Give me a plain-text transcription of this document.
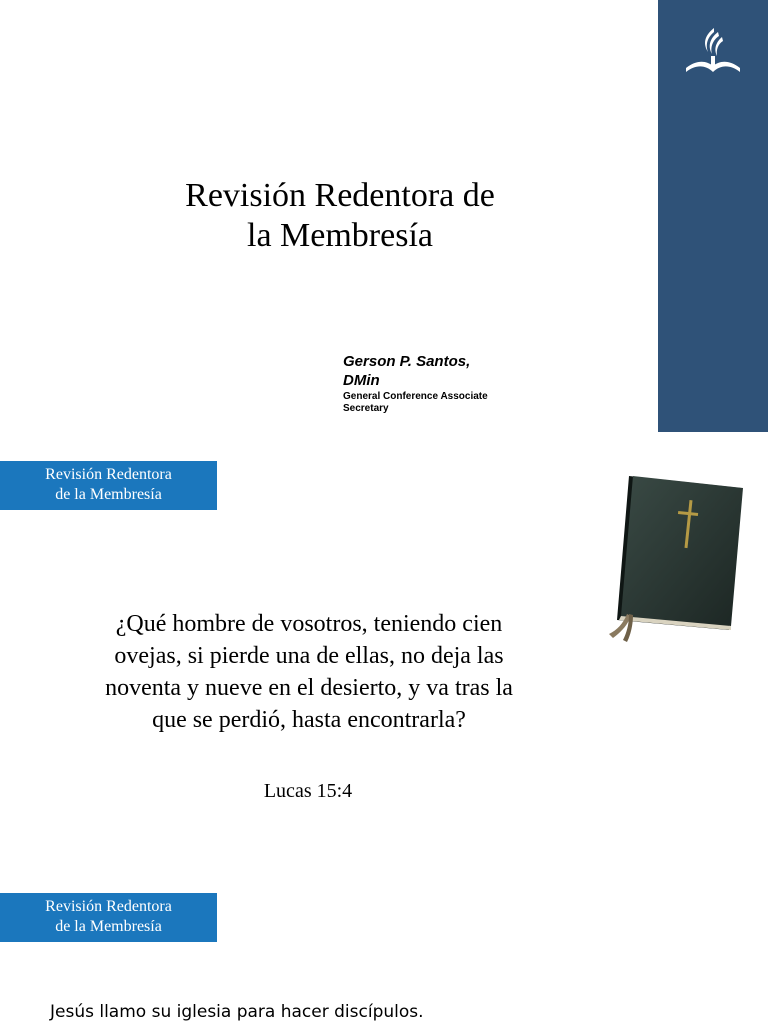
Revisión Redentora de
la Membresía
Gerson P. Santos,
DMin
General Conference Associate
Secretary
Revisión Redentora
de la Membresía
¿Qué hombre de vosotros, teniendo cien
ovejas, si pierde una de ellas, no deja las
noventa y nueve en el desierto, y va tras la
que se perdió, hasta encontrarla?
Lucas 15:4
Revisión Redentora
de la Membresía
Jesús llamo su iglesia para hacer discípulos.
